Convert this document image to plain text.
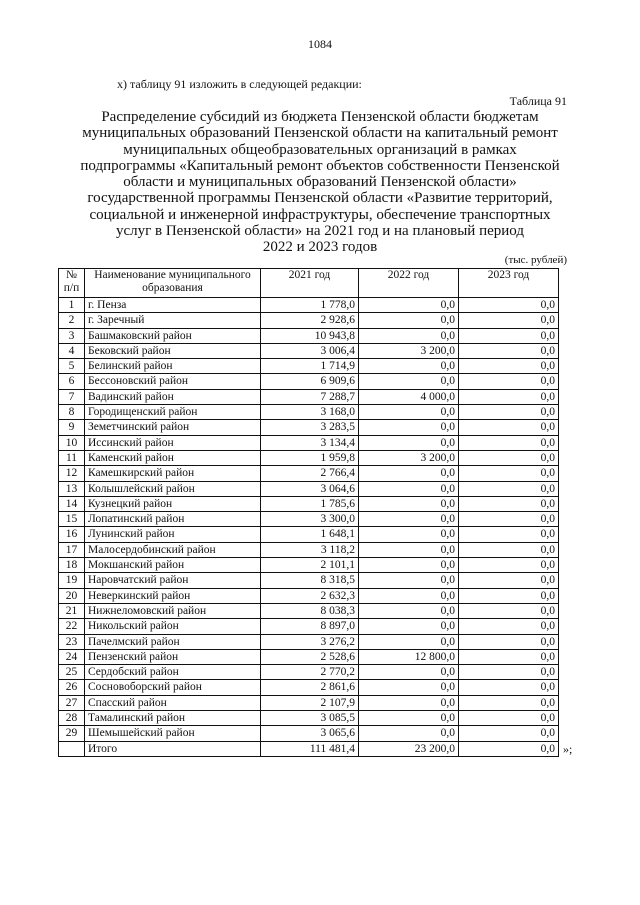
1084
х) таблицу 91 изложить в следующей редакции:
Таблица 91
Распределение субсидий из бюджета Пензенской области бюджетам
муниципальных образований Пензенской области на капитальный ремонт
муниципальных общеобразовательных организаций в рамках
подпрограммы «Капитальный ремонт объектов собственности Пензенской
области и муниципальных образований Пензенской области»
государственной программы Пензенской области «Развитие территорий,
социальной и инженерной инфраструктуры, обеспечение транспортных
услуг в Пензенской области» на 2021 год и на плановый период
2022 и 2023 годов
(тыс. рублей)
№
п/п	Наименование муниципального образования	2021 год	2022 год	2023 год
1	г. Пенза	1 778,0	0,0	0,0
2	г. Заречный	2 928,6	0,0	0,0
3	Башмаковский район	10 943,8	0,0	0,0
4	Бековский район	3 006,4	3 200,0	0,0
5	Белинский район	1 714,9	0,0	0,0
6	Бессоновский район	6 909,6	0,0	0,0
7	Вадинский район	7 288,7	4 000,0	0,0
8	Городищенский район	3 168,0	0,0	0,0
9	Земетчинский район	3 283,5	0,0	0,0
10	Иссинский район	3 134,4	0,0	0,0
11	Каменский район	1 959,8	3 200,0	0,0
12	Камешкирский район	2 766,4	0,0	0,0
13	Колышлейский район	3 064,6	0,0	0,0
14	Кузнецкий район	1 785,6	0,0	0,0
15	Лопатинский район	3 300,0	0,0	0,0
16	Лунинский район	1 648,1	0,0	0,0
17	Малосердобинский район	3 118,2	0,0	0,0
18	Мокшанский район	2 101,1	0,0	0,0
19	Наровчатский район	8 318,5	0,0	0,0
20	Неверкинский район	2 632,3	0,0	0,0
21	Нижнеломовский район	8 038,3	0,0	0,0
22	Никольский район	8 897,0	0,0	0,0
23	Пачелмский район	3 276,2	0,0	0,0
24	Пензенский район	2 528,6	12 800,0	0,0
25	Сердобский район	2 770,2	0,0	0,0
26	Сосновоборский район	2 861,6	0,0	0,0
27	Спасский район	2 107,9	0,0	0,0
28	Тамалинский район	3 085,5	0,0	0,0
29	Шемышейский район	3 065,6	0,0	0,0
	Итого	111 481,4	23 200,0	0,0 »;
